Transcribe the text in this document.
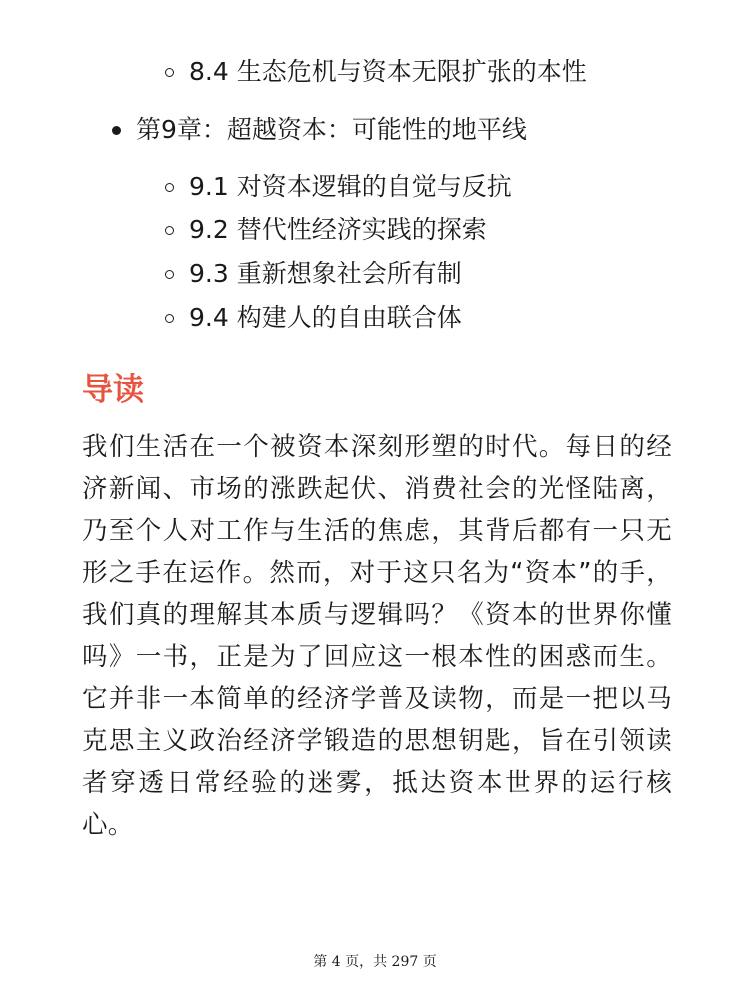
8.4 生态危机与资本无限扩张的本性
第9章：超越资本：可能性的地平线
9.1 对资本逻辑的自觉与反抗
9.2 替代性经济实践的探索
9.3 重新想象社会所有制
9.4 构建人的自由联合体
导读

我们生活在一个被资本深刻形塑的时代。每日的经济新闻、市场的涨跌起伏、消费社会的光怪陆离，乃至个人对工作与生活的焦虑，其背后都有一只无形之手在运作。然而，对于这只名为“资本”的手，我们真的理解其本质与逻辑吗？《资本的世界你懂吗》一书，正是为了回应这一根本性的困惑而生。它并非一本简单的经济学普及读物，而是一把以马克思主义政治经济学锻造的思想钥匙，旨在引领读者穿透日常经验的迷雾，抵达资本世界的运行核心。

第 4 页，共 297 页
